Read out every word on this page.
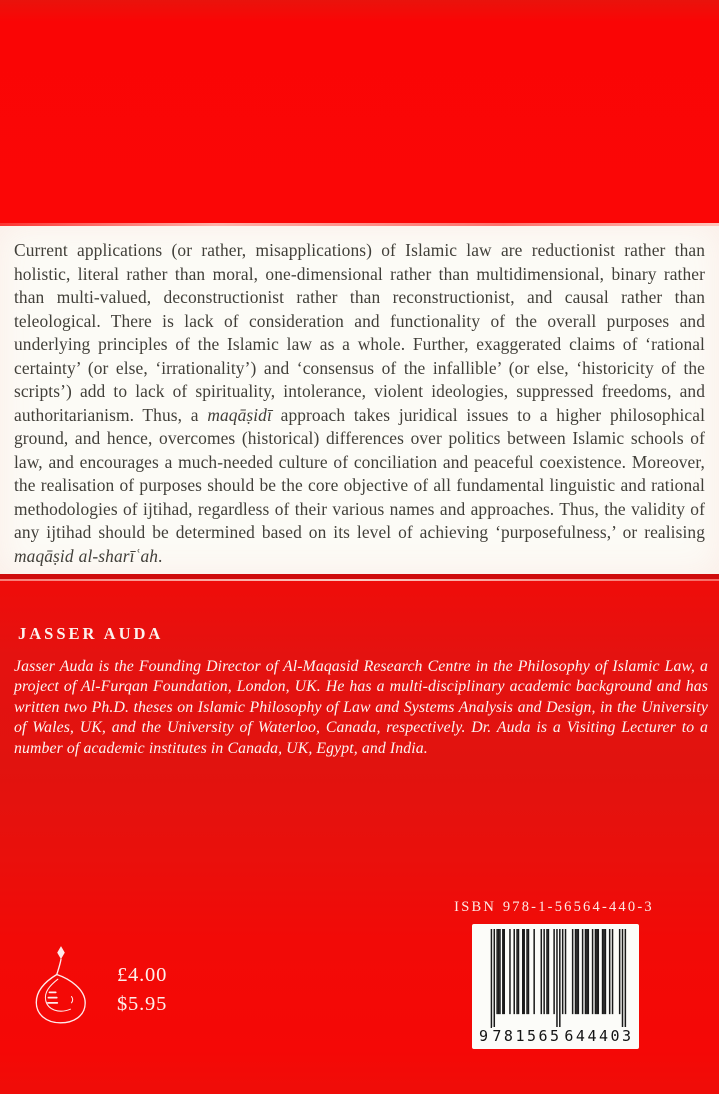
Current applications (or rather, misapplications) of Islamic law are reductionist rather than holistic, literal rather than moral, one-dimensional rather than multidimensional, binary rather than multi-valued, deconstructionist rather than reconstructionist, and causal rather than teleological. There is lack of consideration and functionality of the overall purposes and underlying principles of the Islamic law as a whole. Further, exaggerated claims of ‘rational certainty’ (or else, ‘irrationality’) and ‘consensus of the infallible’ (or else, ‘historicity of the scripts’) add to lack of spirituality, intolerance, violent ideologies, suppressed freedoms, and authoritarianism. Thus, a maqāṣidī approach takes juridical issues to a higher philosophical ground, and hence, overcomes (historical) differences over politics between Islamic schools of law, and encourages a much-needed culture of conciliation and peaceful coexistence. Moreover, the realisation of purposes should be the core objective of all fundamental linguistic and rational methodologies of ijtihad, regardless of their various names and approaches. Thus, the validity of any ijtihad should be determined based on its level of achieving ‘purposefulness,’ or realising maqāṣid al-sharīʿah.

JASSER AUDA

Jasser Auda is the Founding Director of Al-Maqasid Research Centre in the Philosophy of Islamic Law, a project of Al-Furqan Foundation, London, UK. He has a multi-disciplinary academic background and has written two Ph.D. theses on Islamic Philosophy of Law and Systems Analysis and Design, in the University of Wales, UK, and the University of Waterloo, Canada, respectively. Dr. Auda is a Visiting Lecturer to a number of academic institutes in Canada, UK, Egypt, and India.

ISBN 978-1-56564-440-3
9 781565 644403
£4.00
$5.95
